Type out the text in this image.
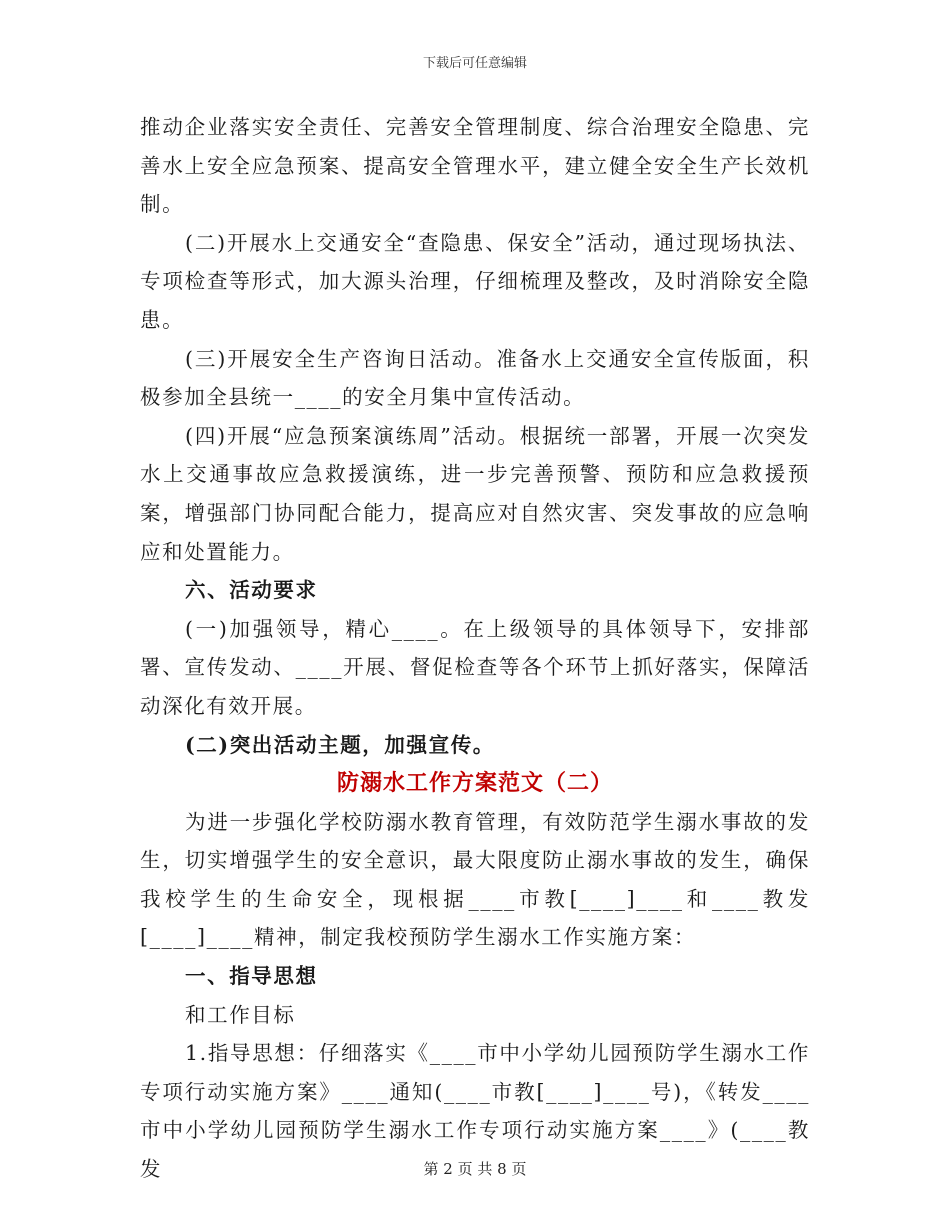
下载后可任意编辑

推动企业落实安全责任、完善安全管理制度、综合治理安全隐患、完善水上安全应急预案、提高安全管理水平，建立健全安全生产长效机制。

(二)开展水上交通安全“查隐患、保安全”活动，通过现场执法、专项检查等形式，加大源头治理，仔细梳理及整改，及时消除安全隐患。

(三)开展安全生产咨询日活动。准备水上交通安全宣传版面，积极参加全县统一____的安全月集中宣传活动。

(四)开展“应急预案演练周”活动。根据统一部署，开展一次突发水上交通事故应急救援演练，进一步完善预警、预防和应急救援预案，增强部门协同配合能力，提高应对自然灾害、突发事故的应急响应和处置能力。

六、活动要求

(一)加强领导，精心____。在上级领导的具体领导下，安排部署、宣传发动、____开展、督促检查等各个环节上抓好落实，保障活动深化有效开展。

(二)突出活动主题，加强宣传。

防溺水工作方案范文（二）

为进一步强化学校防溺水教育管理，有效防范学生溺水事故的发生，切实增强学生的安全意识，最大限度防止溺水事故的发生，确保我校学生的生命安全，现根据____市教[____]____和____教发[____]____精神，制定我校预防学生溺水工作实施方案：

一、指导思想

和工作目标

1.指导思想：仔细落实《____市中小学幼儿园预防学生溺水工作专项行动实施方案》____通知(____市教[____]____号)，《转发____市中小学幼儿园预防学生溺水工作专项行动实施方案____》(____教发	第 2 页 共 8 页
